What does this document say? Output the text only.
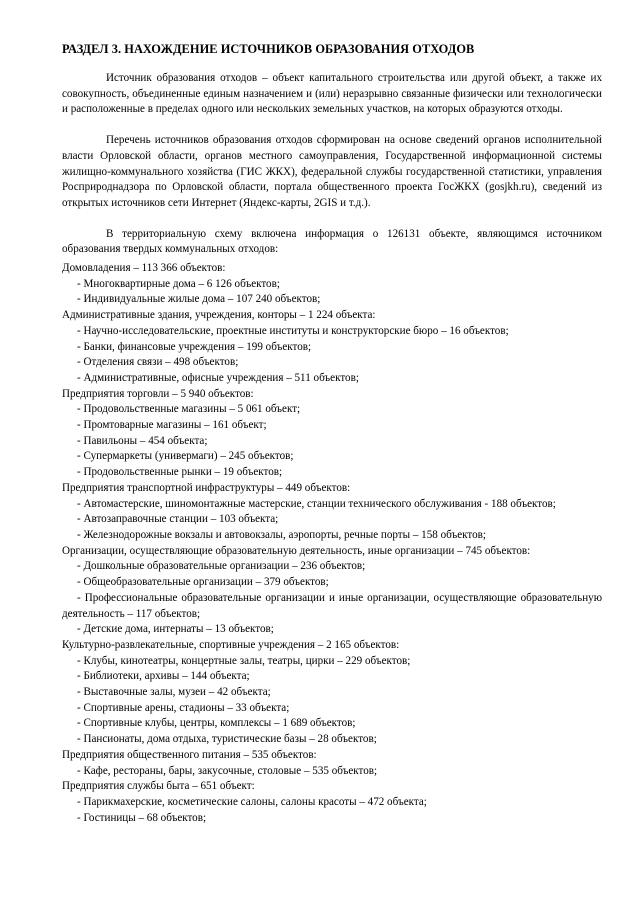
РАЗДЕЛ 3. НАХОЖДЕНИЕ ИСТОЧНИКОВ ОБРАЗОВАНИЯ ОТХОДОВ

Источник образования отходов – объект капитального строительства или другой объект, а также их совокупность, объединенные единым назначением и (или) неразрывно связанные физически или технологически и расположенные в пределах одного или нескольких земельных участков, на которых образуются отходы.

Перечень источников образования отходов сформирован на основе сведений органов исполнительной власти Орловской области, органов местного самоуправления, Государственной информационной системы жилищно-коммунального хозяйства (ГИС ЖКХ), федеральной службы государственной статистики, управления Росприроднадзора по Орловской области, портала общественного проекта ГосЖКХ (gosjkh.ru), сведений из открытых источников сети Интернет (Яндекс-карты, 2GIS и т.д.).

В территориальную схему включена информация о 126131 объекте, являющимся источником образования твердых коммунальных отходов:

Домовладения – 113 366 объектов:
- Многоквартирные дома – 6 126 объектов;
- Индивидуальные жилые дома – 107 240 объектов;
Административные здания, учреждения, конторы – 1 224 объекта:
- Научно-исследовательские, проектные институты и конструкторские бюро – 16 объектов;
- Банки, финансовые учреждения – 199 объектов;
- Отделения связи – 498 объектов;
- Административные, офисные учреждения – 511 объектов;
Предприятия торговли – 5 940 объектов:
- Продовольственные магазины – 5 061 объект;
- Промтоварные магазины – 161 объект;
- Павильоны – 454 объекта;
- Супермаркеты (универмаги) – 245 объектов;
- Продовольственные рынки – 19 объектов;
Предприятия транспортной инфраструктуры – 449 объектов:
- Автомастерские, шиномонтажные мастерские, станции технического обслуживания - 188 объектов;
- Автозаправочные станции – 103 объекта;
- Железнодорожные вокзалы и автовокзалы, аэропорты, речные порты – 158 объектов;
Организации, осуществляющие образовательную деятельность, иные организации – 745 объектов:
- Дошкольные образовательные организации – 236 объектов;
- Общеобразовательные организации – 379 объектов;
- Профессиональные образовательные организации и иные организации, осуществляющие образовательную деятельность – 117 объектов;
- Детские дома, интернаты – 13 объектов;
Культурно-развлекательные, спортивные учреждения – 2 165 объектов:
- Клубы, кинотеатры, концертные залы, театры, цирки – 229 объектов;
- Библиотеки, архивы – 144 объекта;
- Выставочные залы, музеи – 42 объекта;
- Спортивные арены, стадионы – 33 объекта;
- Спортивные клубы, центры, комплексы – 1 689 объектов;
- Пансионаты, дома отдыха, туристические базы – 28 объектов;
Предприятия общественного питания – 535 объектов:
- Кафе, рестораны, бары, закусочные, столовые – 535 объектов;
Предприятия службы быта – 651 объект:
- Парикмахерские, косметические салоны, салоны красоты – 472 объекта;
- Гостиницы – 68 объектов;
